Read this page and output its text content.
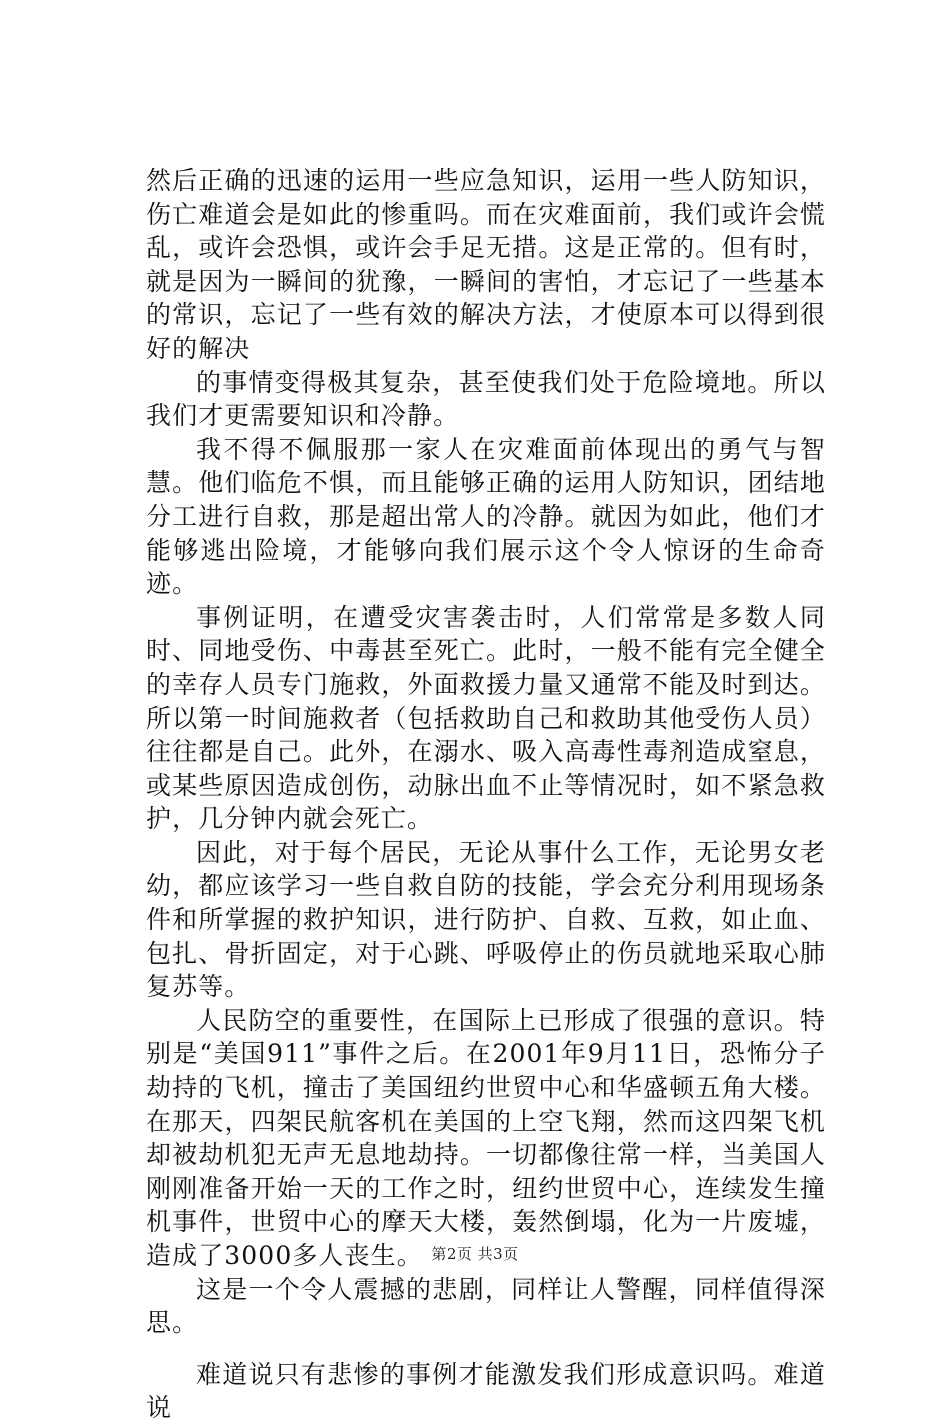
然后正确的迅速的运用一些应急知识，运用一些人防知识，伤亡难道会是如此的惨重吗。而在灾难面前，我们或许会慌乱，或许会恐惧，或许会手足无措。这是正常的。但有时，就是因为一瞬间的犹豫，一瞬间的害怕，才忘记了一些基本的常识，忘记了一些有效的解决方法，才使原本可以得到很好的解决

的事情变得极其复杂，甚至使我们处于危险境地。所以我们才更需要知识和冷静。

我不得不佩服那一家人在灾难面前体现出的勇气与智慧。他们临危不惧，而且能够正确的运用人防知识，团结地分工进行自救，那是超出常人的冷静。就因为如此，他们才能够逃出险境，才能够向我们展示这个令人惊讶的生命奇迹。

事例证明，在遭受灾害袭击时，人们常常是多数人同时、同地受伤、中毒甚至死亡。此时，一般不能有完全健全的幸存人员专门施救，外面救援力量又通常不能及时到达。所以第一时间施救者（包括救助自己和救助其他受伤人员）往往都是自己。此外，在溺水、吸入高毒性毒剂造成窒息，或某些原因造成创伤，动脉出血不止等情况时，如不紧急救护，几分钟内就会死亡。

因此，对于每个居民，无论从事什么工作，无论男女老幼，都应该学习一些自救自防的技能，学会充分利用现场条件和所掌握的救护知识，进行防护、自救、互救，如止血、包扎、骨折固定，对于心跳、呼吸停止的伤员就地采取心肺复苏等。

人民防空的重要性，在国际上已形成了很强的意识。特别是“美国911”事件之后。在2001年9月11日，恐怖分子劫持的飞机，撞击了美国纽约世贸中心和华盛顿五角大楼。在那天，四架民航客机在美国的上空飞翔，然而这四架飞机却被劫机犯无声无息地劫持。一切都像往常一样，当美国人刚刚准备开始一天的工作之时，纽约世贸中心，连续发生撞机事件，世贸中心的摩天大楼，轰然倒塌，化为一片废墟，造成了3000多人丧生。

这是一个令人震撼的悲剧，同样让人警醒，同样值得深思。

难道说只有悲惨的事例才能激发我们形成意识吗。难道说

第2页 共3页
